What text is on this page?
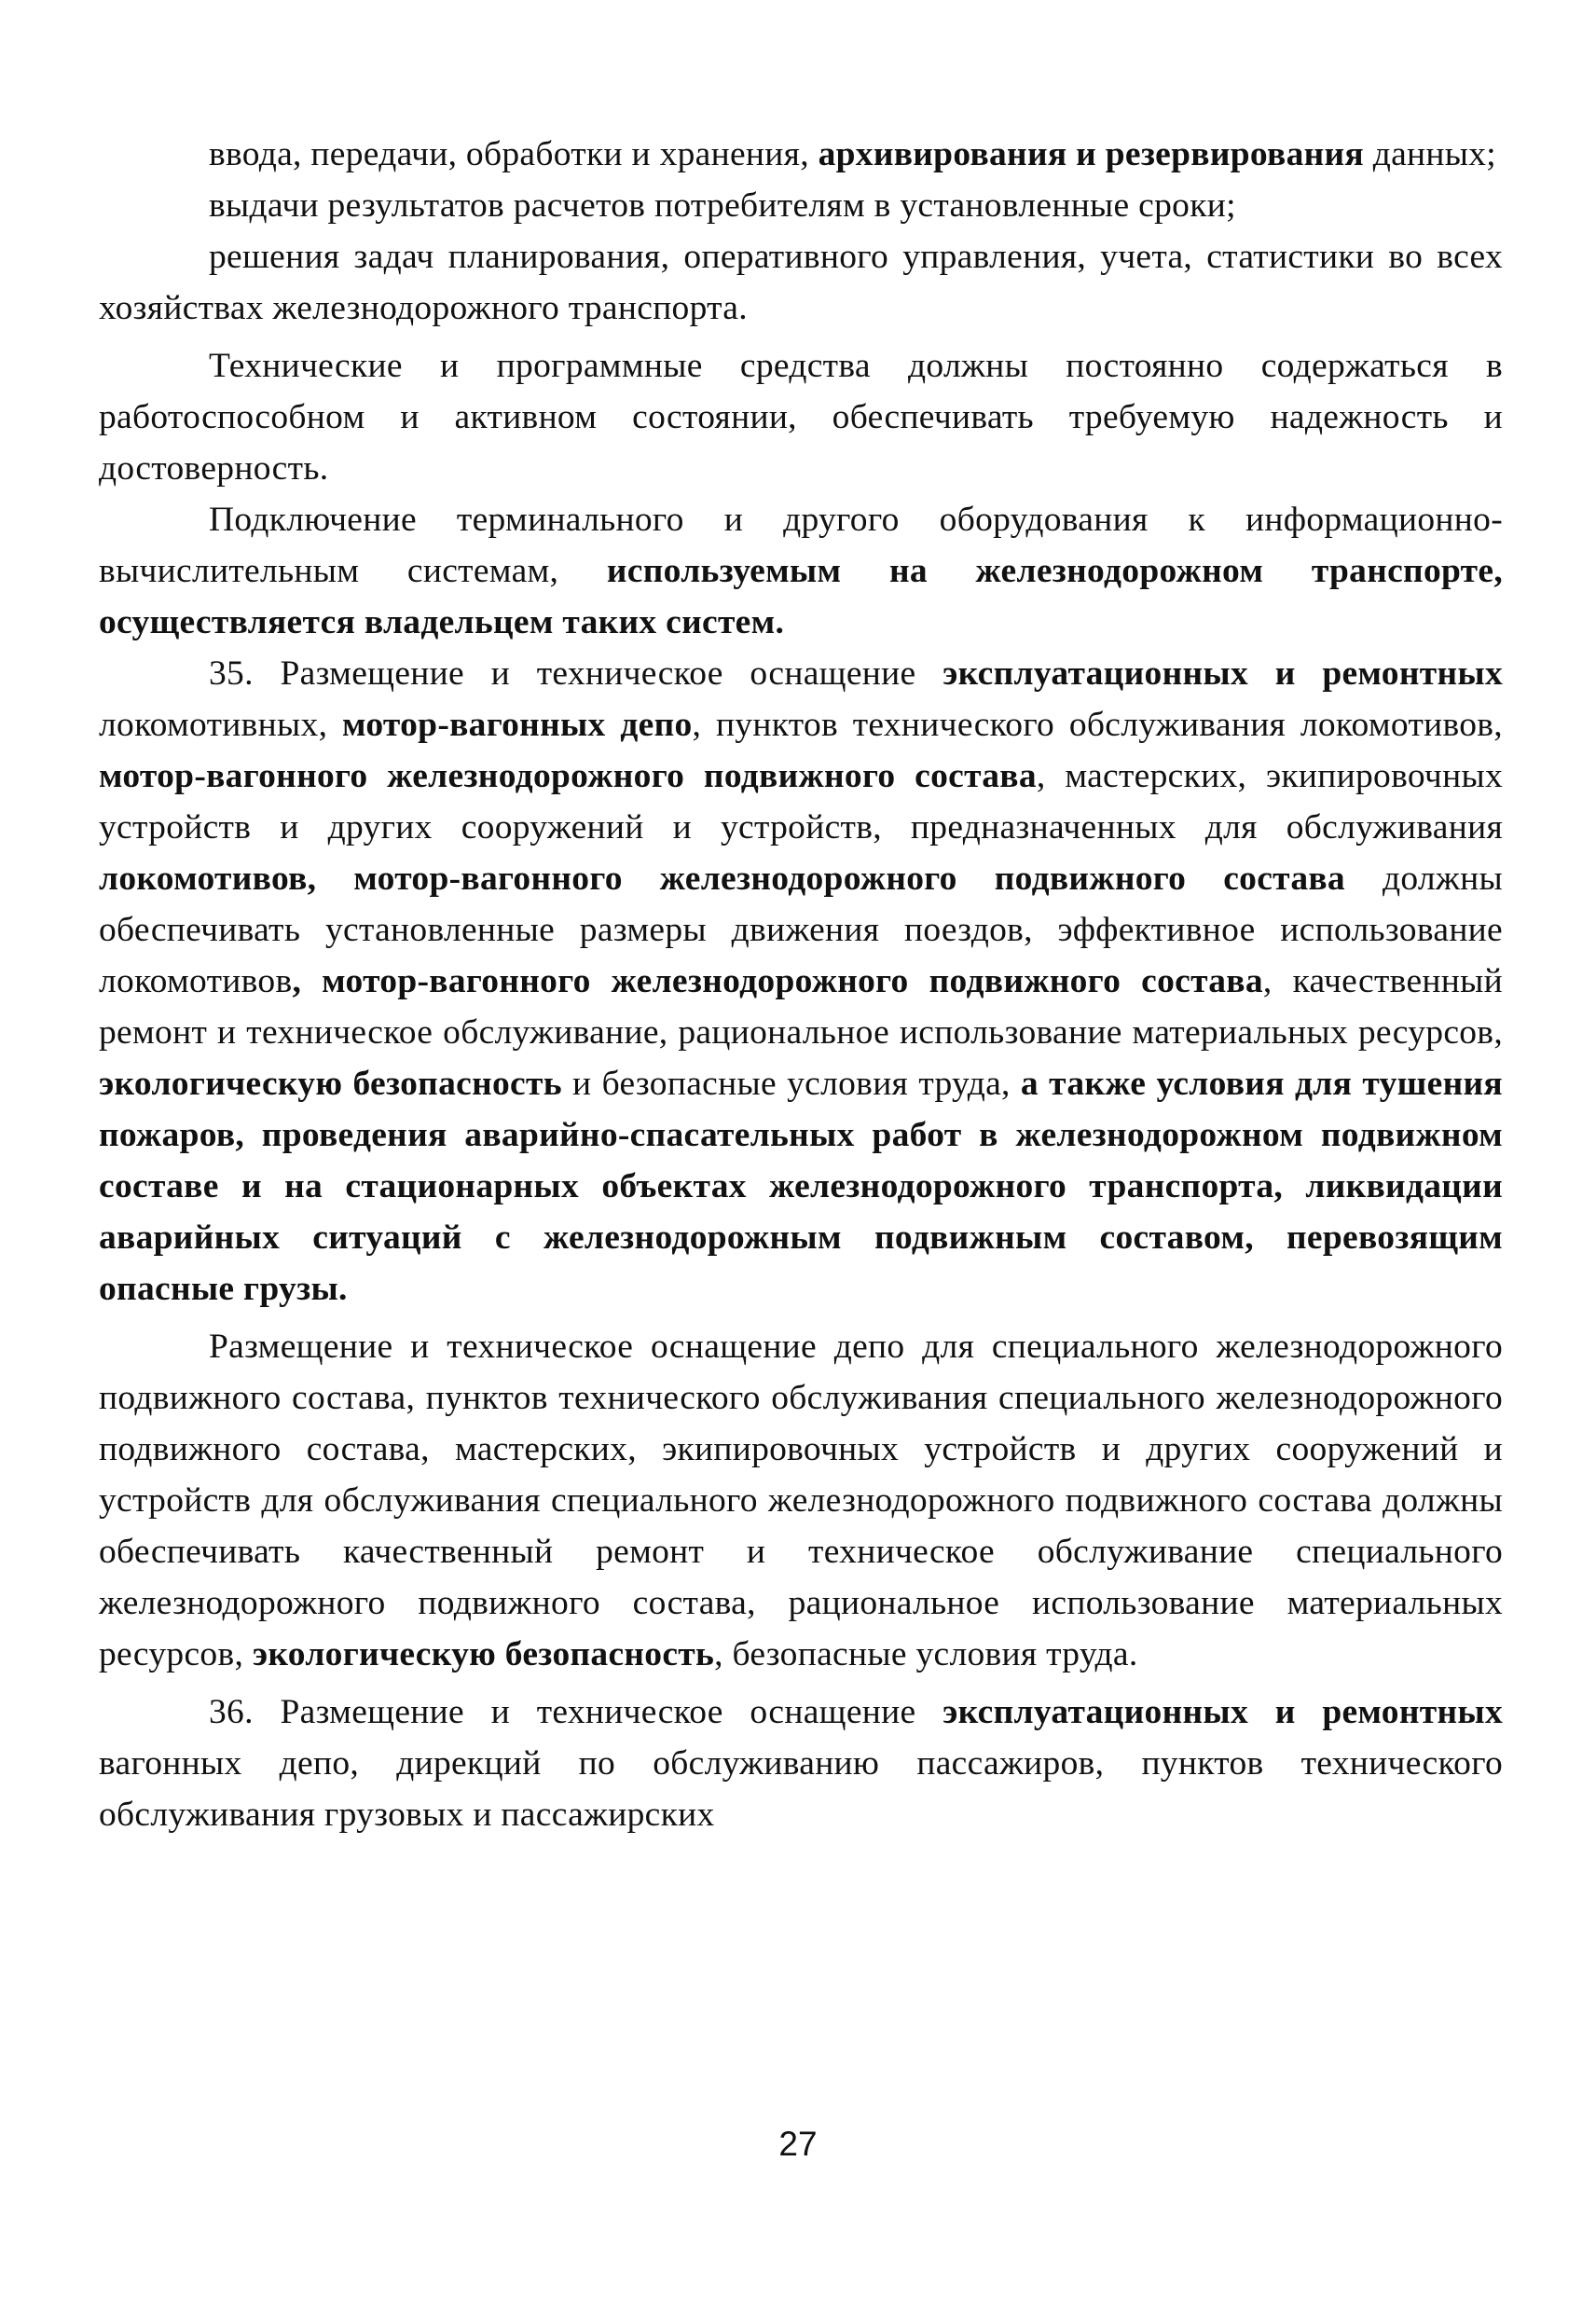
ввода, передачи, обработки и хранения, архивирования и резервирования данных;

выдачи результатов расчетов потребителям в установленные сроки;

решения задач планирования, оперативного управления, учета, статистики во всех хозяйствах железнодорожного транспорта.

Технические и программные средства должны постоянно содержаться в работоспособном и активном состоянии, обеспечивать требуемую надежность и достоверность.

Подключение терминального и другого оборудования к информационно-вычислительным системам, используемым на железнодорожном транспорте, осуществляется владельцем таких систем.

35. Размещение и техническое оснащение эксплуатационных и ремонтных локомотивных, мотор-вагонных депо, пунктов технического обслуживания локомотивов, мотор-вагонного железнодорожного подвижного состава, мастерских, экипировочных устройств и других сооружений и устройств, предназначенных для обслуживания локомотивов, мотор-вагонного железнодорожного подвижного состава должны обеспечивать установленные размеры движения поездов, эффективное использование локомотивов, мотор-вагонного железнодорожного подвижного состава, качественный ремонт и техническое обслуживание, рациональное использование материальных ресурсов, экологическую безопасность и безопасные условия труда, а также условия для тушения пожаров, проведения аварийно-спасательных работ в железнодорожном подвижном составе и на стационарных объектах железнодорожного транспорта, ликвидации аварийных ситуаций с железнодорожным подвижным составом, перевозящим опасные грузы.

Размещение и техническое оснащение депо для специального железнодорожного подвижного состава, пунктов технического обслуживания специального железнодорожного подвижного состава, мастерских, экипировочных устройств и других сооружений и устройств для обслуживания специального железнодорожного подвижного состава должны обеспечивать качественный ремонт и техническое обслуживание специального железнодорожного подвижного состава, рациональное использование материальных ресурсов, экологическую безопасность, безопасные условия труда.

36. Размещение и техническое оснащение эксплуатационных и ремонтных вагонных депо, дирекций по обслуживанию пассажиров, пунктов технического обслуживания грузовых и пассажирских

27
